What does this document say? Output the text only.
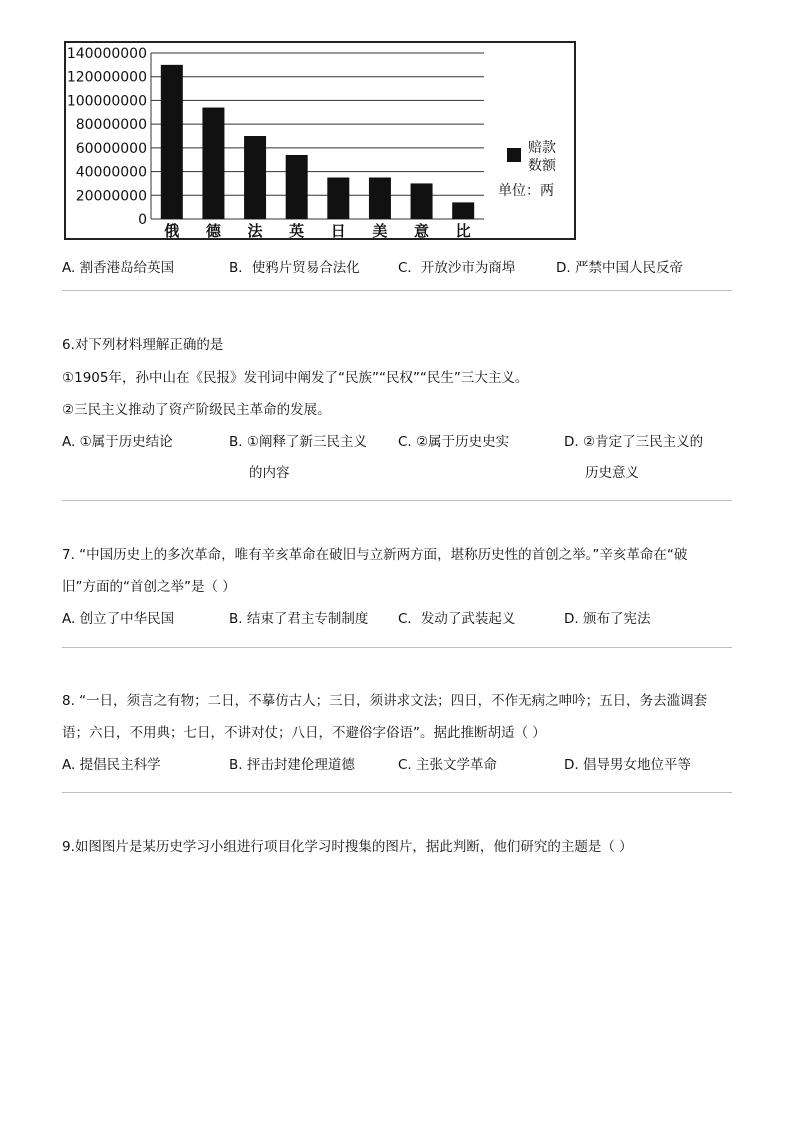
0
20000000
40000000
60000000
80000000
100000000
120000000
140000000
俄 德 法 英 日 美 意 比
赔款
数额
单位：两
A. 割香港岛给英国	B．使鸦片贸易合法化	C．开放沙市为商埠	D. 严禁中国人民反帝
6.对下列材料理解正确的是
①1905年，孙中山在《民报》发刊词中阐发了“民族”“民权”“民生”三大主义。
②三民主义推动了资产阶级民主革命的发展。
A. ①属于历史结论	B. ①阐释了新三民主义
的内容
C. ②属于历史史实	D. ②肯定了三民主义的
历史意义
7. “中国历史上的多次革命，唯有辛亥革命在破旧与立新两方面，堪称历史性的首创之举。”辛亥革命在“破
旧”方面的“首创之举”是（ ）
A. 创立了中华民国	B. 结束了君主专制制度 C．发动了武装起义	D. 颁布了宪法
8. “一日，须言之有物；二日，不摹仿古人；三日，须讲求文法；四日，不作无病之呻吟；五日，务去滥调套
语；六日，不用典；七日，不讲对仗；八日，不避俗字俗语”。据此推断胡适（ ）
A. 提倡民主科学	B. 抨击封建伦理道德	C. 主张文学革命	D. 倡导男女地位平等
9.如图图片是某历史学习小组进行项目化学习时搜集的图片，据此判断，他们研究的主题是（ ）
